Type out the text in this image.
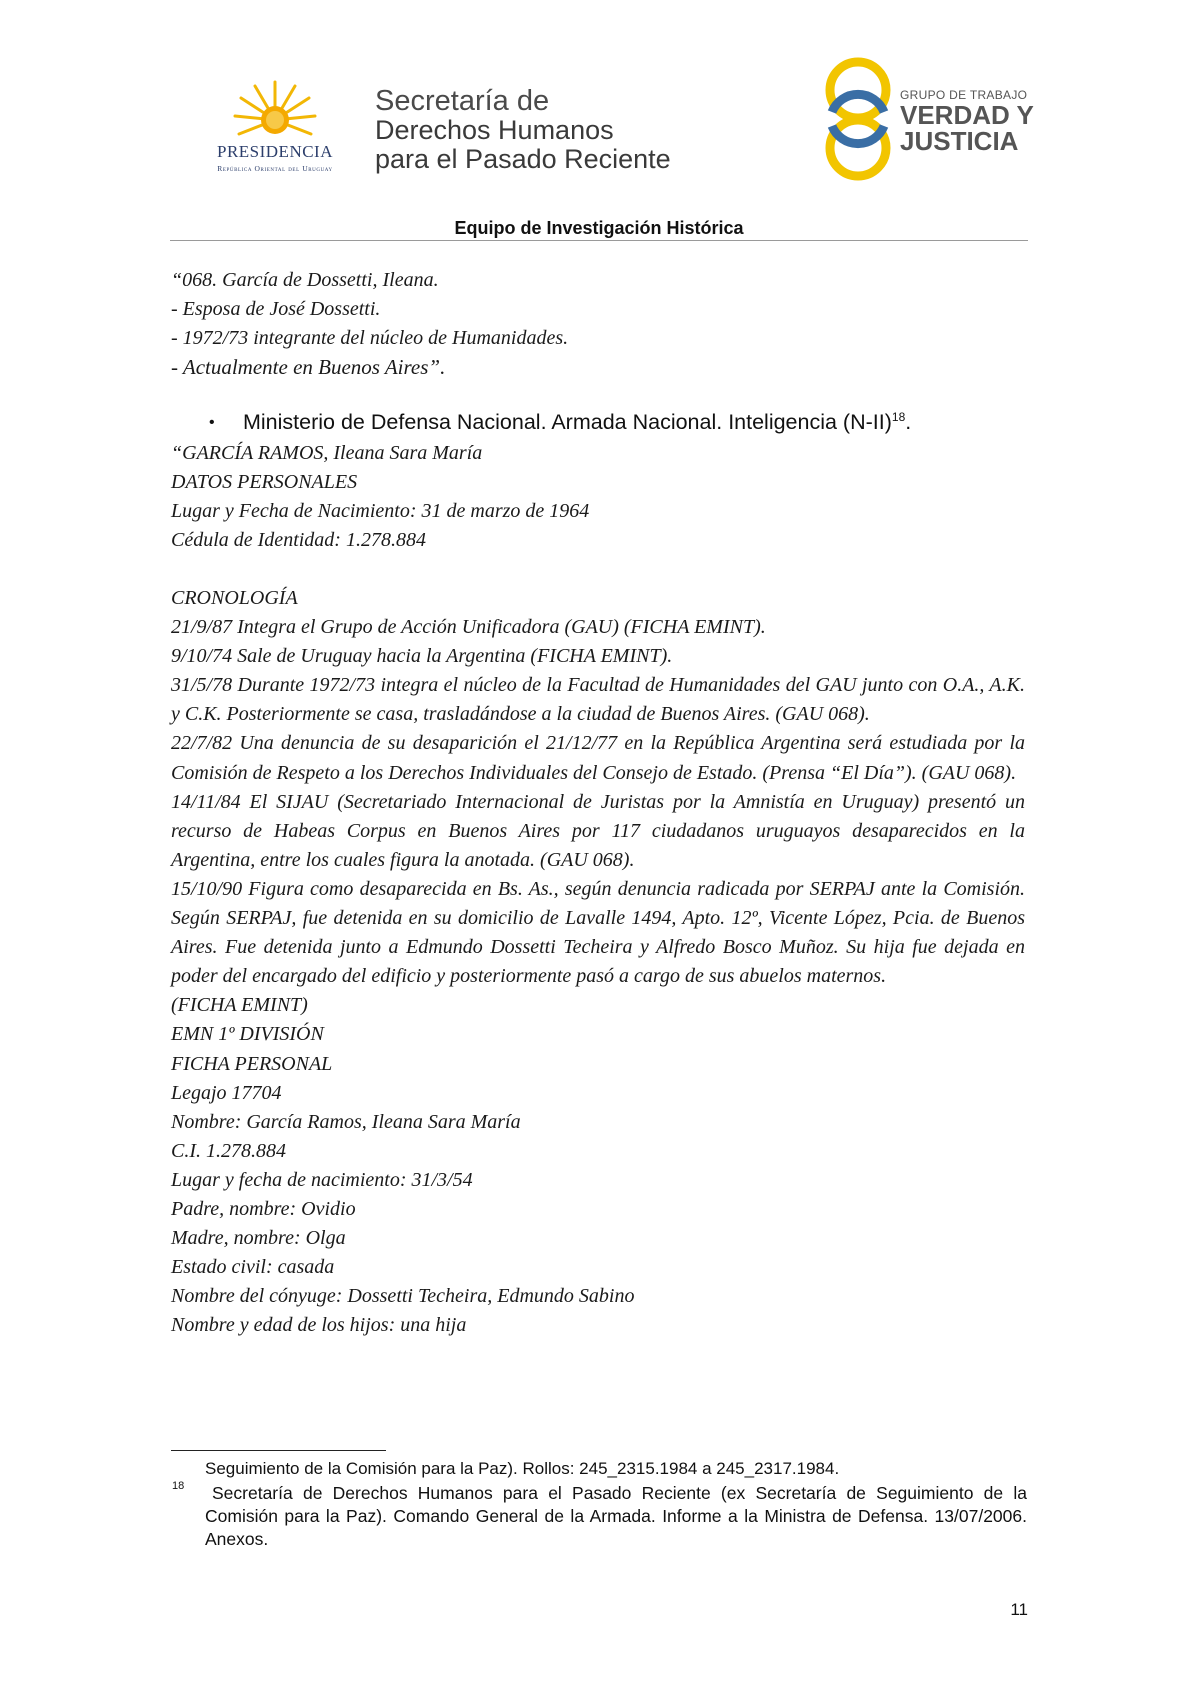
PRESIDENCIA
República Oriental del Uruguay
Secretaría de
Derechos Humanos
para el Pasado Reciente
GRUPO DE TRABAJO
VERDAD Y
JUSTICIA
Equipo de Investigación Histórica

“068. García de Dossetti, Ileana.

- Esposa de José Dossetti.

- 1972/73 integrante del núcleo de Humanidades.

- Actualmente en Buenos Aires”.

• Ministerio de Defensa Nacional. Armada Nacional. Inteligencia $(N-II)^{18}$.

“GARCÍA RAMOS, Ileana Sara María

DATOS PERSONALES

Lugar y Fecha de Nacimiento: 31 de marzo de 1964

Cédula de Identidad: 1.278.884

CRONOLOGÍA

21/9/87 Integra el Grupo de Acción Unificadora (GAU) (FICHA EMINT).

9/10/74 Sale de Uruguay hacia la Argentina (FICHA EMINT).

31/5/78 Durante 1972/73 integra el núcleo de la Facultad de Humanidades del GAU junto con O.A., A.K. y C.K. Posteriormente se casa, trasladándose a la ciudad de Buenos Aires. (GAU 068).

22/7/82 Una denuncia de su desaparición el 21/12/77 en la República Argentina será estudiada por la Comisión de Respeto a los Derechos Individuales del Consejo de Estado. (Prensa “El Día”). (GAU 068).

14/11/84 El SIJAU (Secretariado Internacional de Juristas por la Amnistía en Uruguay) presentó un recurso de Habeas Corpus en Buenos Aires por 117 ciudadanos uruguayos desaparecidos en la Argentina, entre los cuales figura la anotada. (GAU 068).

15/10/90 Figura como desaparecida en Bs. As., según denuncia radicada por SERPAJ ante la Comisión. Según SERPAJ, fue detenida en su domicilio de Lavalle 1494, Apto. 12º, Vicente López, Pcia. de Buenos Aires. Fue detenida junto a Edmundo Dossetti Techeira y Alfredo Bosco Muñoz. Su hija fue dejada en poder del encargado del edificio y posteriormente pasó a cargo de sus abuelos maternos.

(FICHA EMINT)

EMN 1º DIVISIÓN

FICHA PERSONAL

Legajo 17704

Nombre: García Ramos, Ileana Sara María

C.I. 1.278.884

Lugar y fecha de nacimiento: 31/3/54

Padre, nombre: Ovidio

Madre, nombre: Olga

Estado civil: casada

Nombre del cónyuge: Dossetti Techeira, Edmundo Sabino

Nombre y edad de los hijos: una hija

Seguimiento de la Comisión para la Paz). Rollos: 245_2315.1984 a 245_2317.1984.
18	Secretaría de Derechos Humanos para el Pasado Reciente (ex Secretaría de Seguimiento de la Comisión para la Paz). Comando General de la Armada. Informe a la Ministra de Defensa. 13/07/2006. Anexos.
11
